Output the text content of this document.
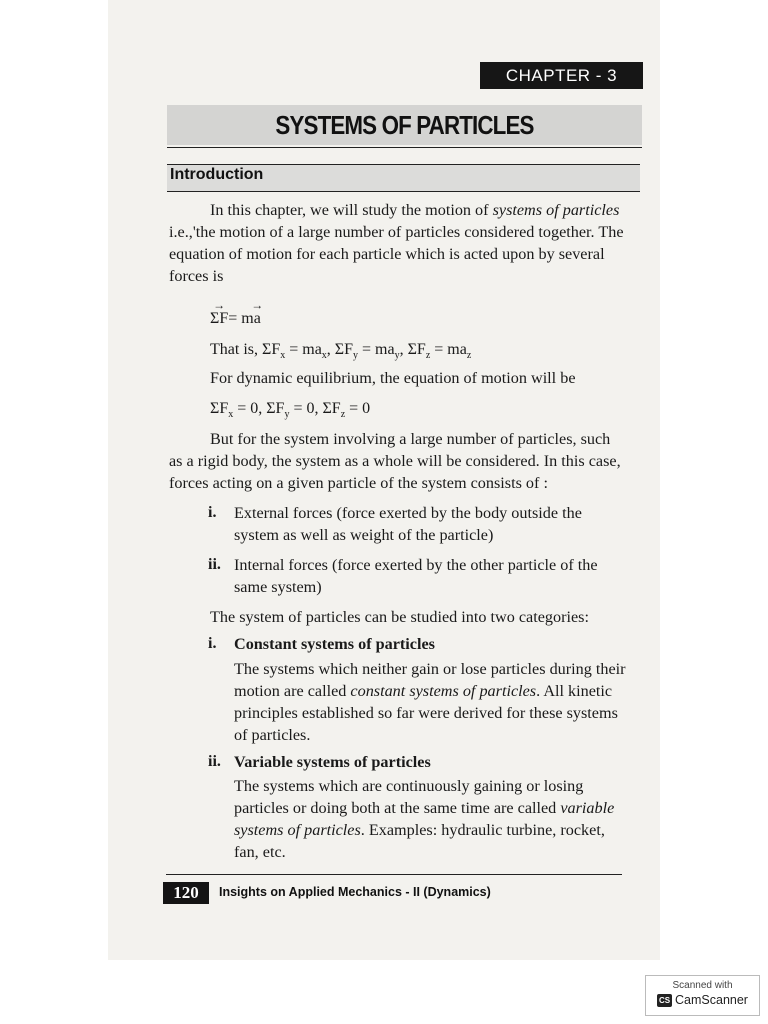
CHAPTER - 3
SYSTEMS OF PARTICLES
Introduction
In this chapter, we will study the motion of systems of particles
i.e.,'the motion of a large number of particles considered together. The
equation of motion for each particle which is acted upon by several
forces is
→ ΣF= m→ a
That is, $\Sigma F_x = ma_x$, $\Sigma F_y = ma_y$, $\Sigma F_z = ma_z$
For dynamic equilibrium, the equation of motion will be
$\Sigma F_x = 0$, $\Sigma F_y = 0$, $\Sigma F_z = 0$
But for the system involving a large number of particles, such
as a rigid body, the system as a whole will be considered. In this case,
forces acting on a given particle of the system consists of :
i. External forces (force exerted by the body outside the
system as well as weight of the particle)
ii. Internal forces (force exerted by the other particle of the
same system)
The system of particles can be studied into two categories:
i. Constant systems of particles
The systems which neither gain or lose particles during their
motion are called constant systems of particles. All kinetic
principles established so far were derived for these systems
of particles.
ii. Variable systems of particles
The systems which are continuously gaining or losing
particles or doing both at the same time are called variable
systems of particles. Examples: hydraulic turbine, rocket,
fan, etc.
120	Insights on Applied Mechanics - II (Dynamics)
Scanned with
CS CamScanner
